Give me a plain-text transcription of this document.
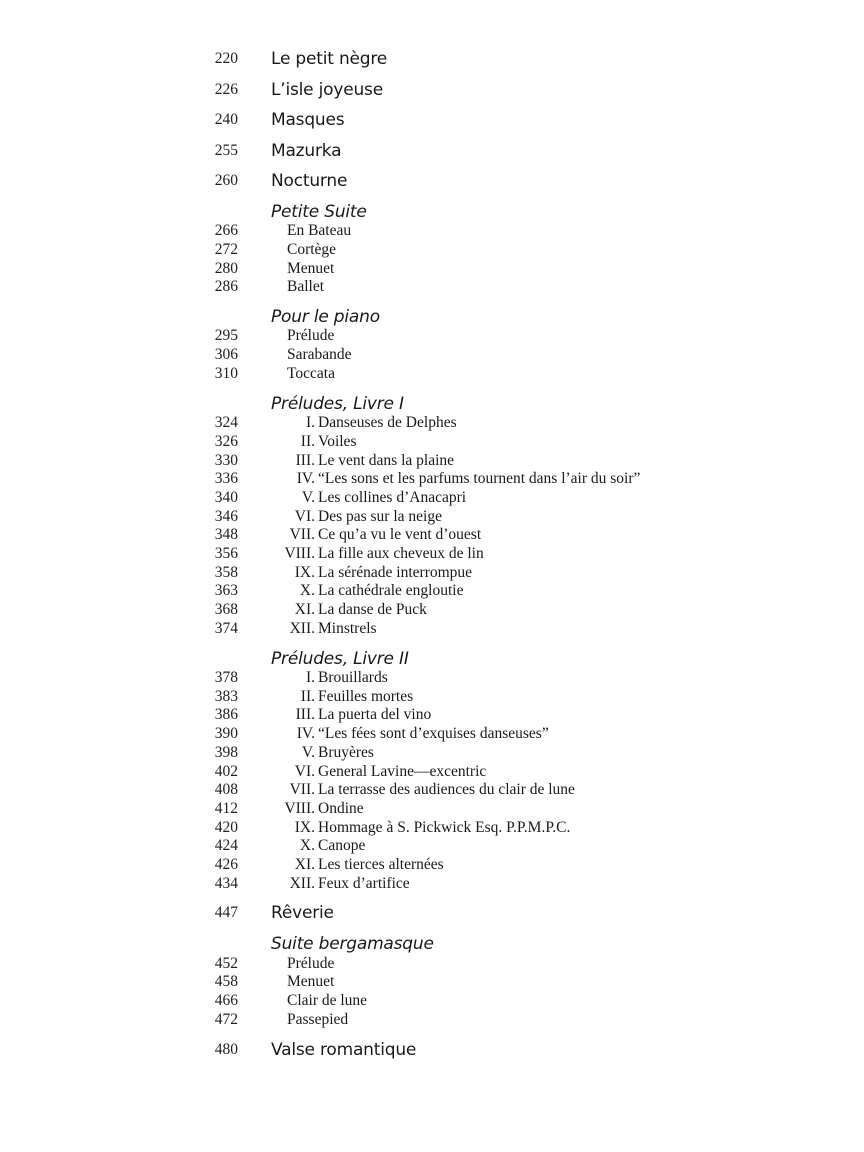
220 Le petit nègre
226 L’isle joyeuse
240 Masques
255 Mazurka
260 Nocturne
Petite Suite
266	En Bateau
272	Cortège
280	Menuet
286	Ballet
Pour le piano
295	Prélude
306	Sarabande
310	Toccata
Préludes, Livre I
324	I. Danseuses de Delphes
326	II. Voiles
330	III. Le vent dans la plaine
336	IV. “Les sons et les parfums tournent dans l’air du soir”
340	V. Les collines d’Anacapri
346	VI. Des pas sur la neige
348	VII. Ce qu’a vu le vent d’ouest
356	VIII. La fille aux cheveux de lin
358	IX. La sérénade interrompue
363	X. La cathédrale engloutie
368	XI. La danse de Puck
374	XII. Minstrels
Préludes, Livre II
378	I. Brouillards
383	II. Feuilles mortes
386	III. La puerta del vino
390	IV. “Les fées sont d’exquises danseuses”
398	V. Bruyères
402	VI. General Lavine—excentric
408	VII. La terrasse des audiences du clair de lune
412	VIII. Ondine
420	IX. Hommage à S. Pickwick Esq. P.P.M.P.C.
424	X. Canope
426	XI. Les tierces alternées
434	XII. Feux d’artifice
447 Rêverie
Suite bergamasque
452	Prélude
458	Menuet
466	Clair de lune
472	Passepied
480 Valse romantique
